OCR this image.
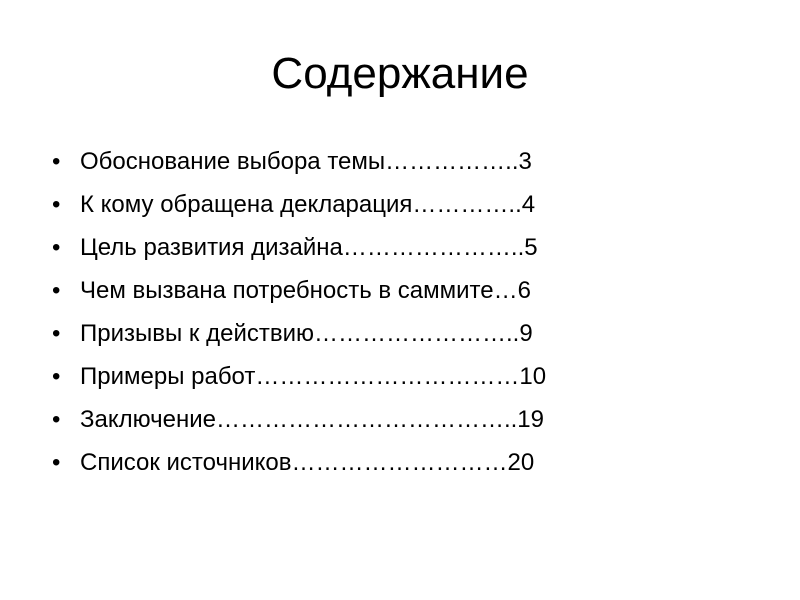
Содержание
• Обоснование выбора темы……………..3
• К кому обращена декларация…………..4
• Цель развития дизайна…………………..5
• Чем вызвана потребность в саммите…6
• Призывы к действию……………………..9
• Примеры работ……………………………10
• Заключение………………………………..19
• Список источников………………………20
